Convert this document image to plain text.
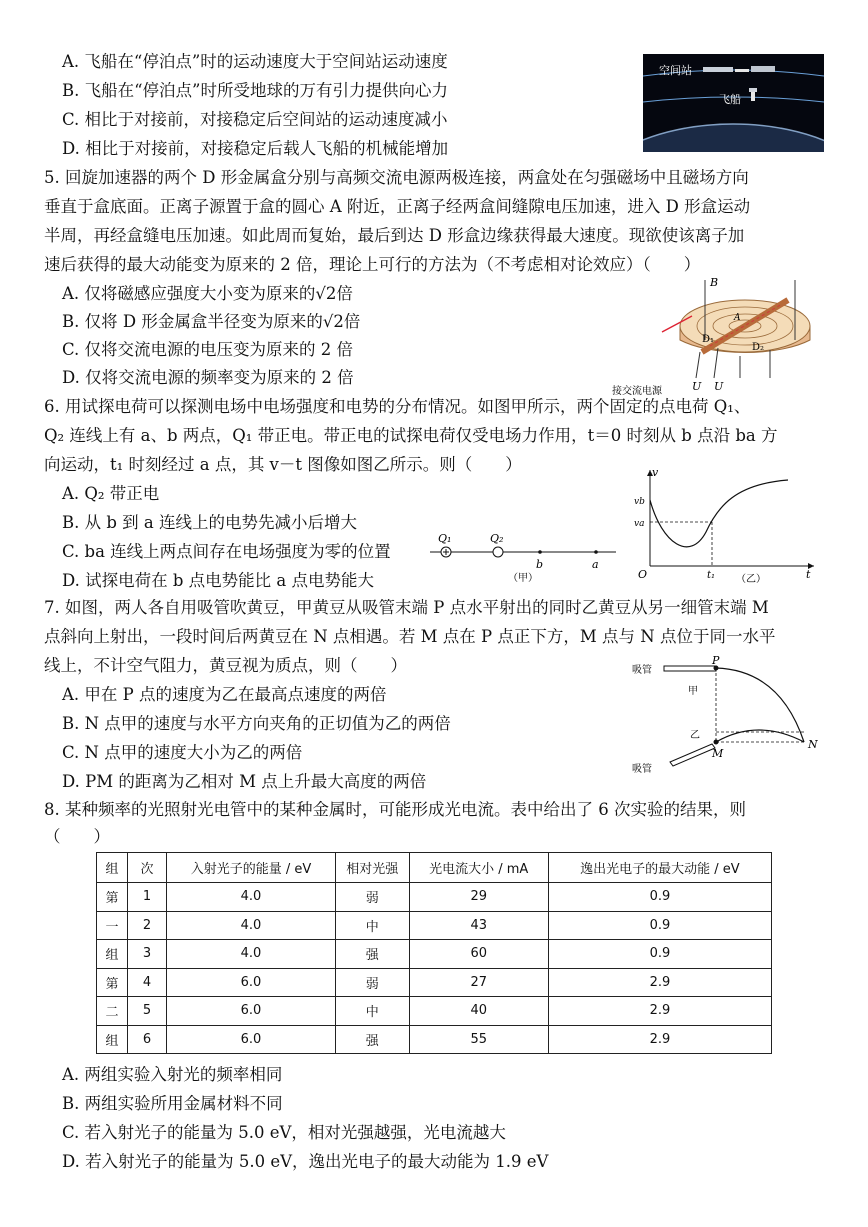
A. 飞船在“停泊点”时的运动速度大于空间站运动速度
B. 飞船在“停泊点”时所受地球的万有引力提供向心力
C. 相比于对接前，对接稳定后空间站的运动速度减小
D. 相比于对接前，对接稳定后载人飞船的机械能增加
空间站
飞船
5. 回旋加速器的两个 D 形金属盒分别与高频交流电源两极连接，两盒处在匀强磁场中且磁场方向
垂直于盒底面。正离子源置于盒的圆心 A 附近，正离子经两盒间缝隙电压加速，进入 D 形盒运动
半周，再经盒缝电压加速。如此周而复始，最后到达 D 形盒边缘获得最大速度。现欲使该离子加
速后获得的最大动能变为原来的 2 倍，理论上可行的方法为（不考虑相对论效应）（　　）
A. 仅将磁感应强度大小变为原来的√2倍
B. 仅将 D 形金属盒半径变为原来的√2倍
C. 仅将交流电源的电压变为原来的 2 倍
D. 仅将交流电源的频率变为原来的 2 倍
B
A
D₁
D₂
U U
接交流电源
6. 用试探电荷可以探测电场中电场强度和电势的分布情况。如图甲所示，两个固定的点电荷 Q₁、
Q₂ 连线上有 a、b 两点，Q₁ 带正电。带正电的试探电荷仅受电场力作用，t＝0 时刻从 b 点沿 ba 方
向运动，t₁ 时刻经过 a 点，其 v－t 图像如图乙所示。则（　　）
A. Q₂ 带正电
B. 从 b 到 a 连线上的电势先减小后增大
C. ba 连线上两点间存在电场强度为零的位置
D. 试探电荷在 b 点电势能比 a 点电势能大
Q₁	Q₂
b	a
（甲）
v
vb
va
O	t₁	t
（乙）
7. 如图，两人各自用吸管吹黄豆，甲黄豆从吸管末端 P 点水平射出的同时乙黄豆从另一细管末端 M
点斜向上射出，一段时间后两黄豆在 N 点相遇。若 M 点在 P 点正下方，M 点与 N 点位于同一水平
线上，不计空气阻力，黄豆视为质点，则（　　）
A. 甲在 P 点的速度为乙在最高点速度的两倍
B. N 点甲的速度与水平方向夹角的正切值为乙的两倍
C. N 点甲的速度大小为乙的两倍
D. PM 的距离为乙相对 M 点上升最大高度的两倍
吸管
P
甲
乙
M
N
吸管
8. 某种频率的光照射光电管中的某种金属时，可能形成光电流。表中给出了 6 次实验的结果，则
（　　）
组	次	入射光子的能量 / eV	相对光强	光电流大小 / mA	逸出光电子的最大动能 / eV
第	1	4.0	弱	29	0.9
一	2	4.0	中	43	0.9
组	3	4.0	强	60	0.9
第	4	6.0	弱	27	2.9
二	5	6.0	中	40	2.9
组	6	6.0	强	55	2.9
A. 两组实验入射光的频率相同
B. 两组实验所用金属材料不同
C. 若入射光子的能量为 5.0 eV，相对光强越强，光电流越大
D. 若入射光子的能量为 5.0 eV，逸出光电子的最大动能为 1.9 eV
